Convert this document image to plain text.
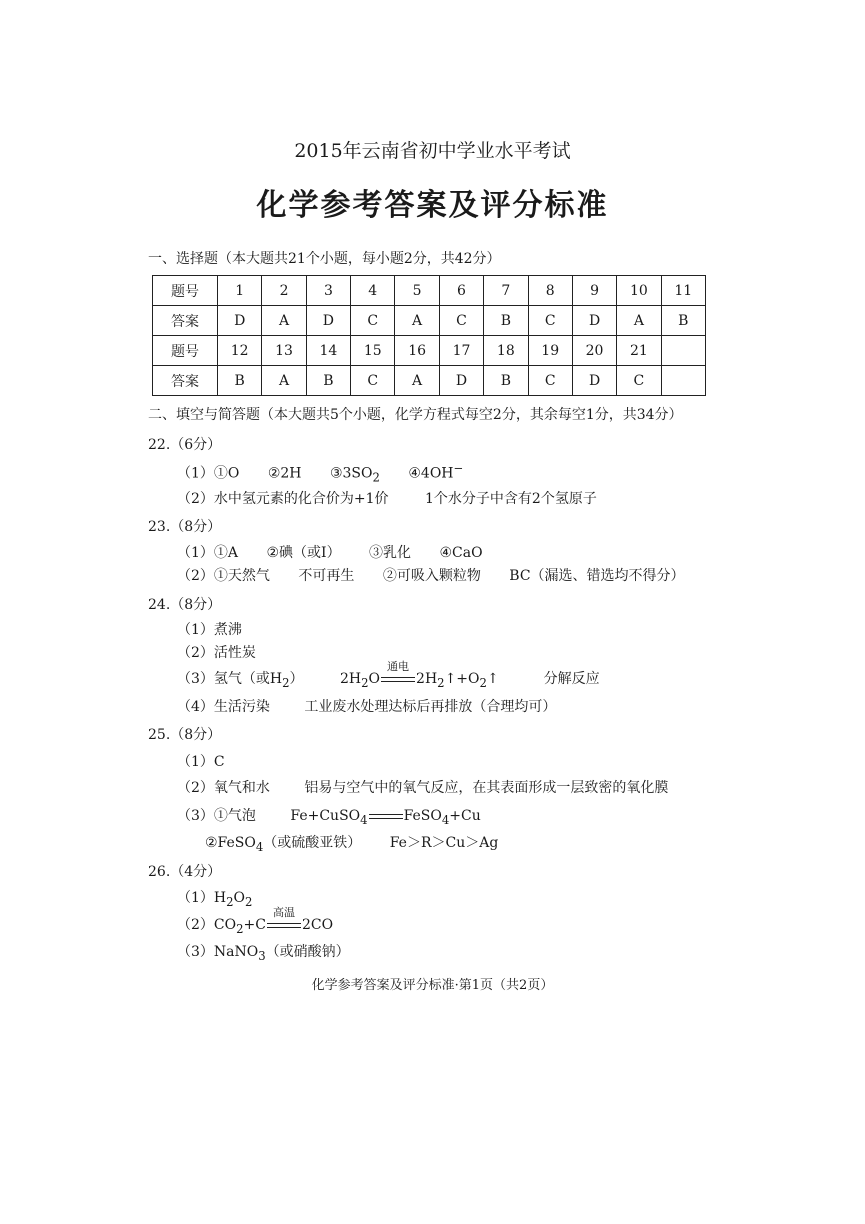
2015年云南省初中学业水平考试
化学参考答案及评分标准
一、选择题（本大题共21个小题，每小题2分，共42分）
题号	1	2	3	4	5	6	7	8	9	10	11
答案	D	A	D	C	A	C	B	C	D	A	B
题号	12	13	14	15	16	17	18	19	20	21	
答案	B	A	B	C	A	D	B	C	D	C	
二、填空与简答题（本大题共5个小题，化学方程式每空2分，其余每空1分，共34分）
22.（6分）
（1）①O ②2H $③3SO_2$ ④4OH−
（2）水中氢元素的化合价为+1价	1个水分子中含有2个氢原子
23.（8分）
（1）①A ②碘（或I） ③乳化 ④CaO
（2）①天然气 不可再生 ②可吸入颗粒物 BC（漏选、错选均不得分）
24.（8分）
（1）煮沸
（2）活性炭
（3）氢气（或$H_2$）	$2H_2O$
通电
$2H_2↑+O_2↑$	分解反应
（4）生活污染 工业废水处理达标后再排放（合理均可）
25.（8分）
（1）C
（2）氧气和水 铝易与空气中的氧气反应，在其表面形成一层致密的氧化膜
（3）①气泡 Fe+CuSO$_4$	FeSO$_4$+Cu
②FeSO$_4$（或硫酸亚铁） Fe＞R＞Cu＞Ag
26.（4分）
$(1)H_2O_2$
$(2)CO_2+C$
高温
2CO
（3）NaNO$_3$（或硝酸钠）
化学参考答案及评分标准·第1页（共2页）
